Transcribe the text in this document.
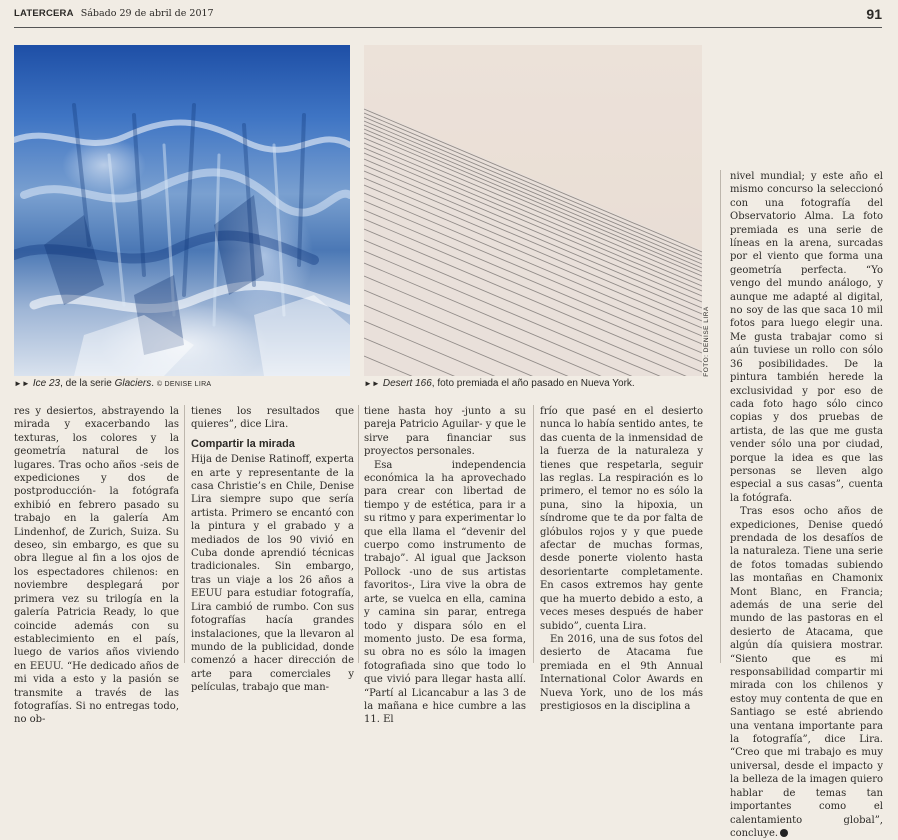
LATERCERA Sábado 29 de abril de 2017	91
FOTO: DENISE LIRA
►► Ice 23, de la serie Glaciers. © DENISE LIRA	►► Desert 166, foto premiada el año pasado en Nueva York.

res y desiertos, abstrayendo la mirada y exacerbando las texturas, los colores y la geometría natural de los lugares. Tras ocho años -seis de expediciones y dos de postproducción- la fotógrafa exhibió en febrero pasado su trabajo en la galería Am Lindenhof, de Zurich, Suiza. Su deseo, sin embargo, es que su obra llegue al fin a los ojos de los espectadores chilenos: en noviembre desplegará por primera vez su trilogía en la galería Patricia Ready, lo que coincide además con su establecimiento en el país, luego de varios años viviendo en EEUU. “He dedicado años de mi vida a esto y la pasión se transmite a través de las fotografías. Si no entregas todo, no ob-

tienes los resultados que quieres”, dice Lira.

Compartir la mirada

Hija de Denise Ratinoff, experta en arte y representante de la casa Christie’s en Chile, Denise Lira siempre supo que sería artista. Primero se encantó con la pintura y el grabado y a mediados de los 90 vivió en Cuba donde aprendió técnicas tradicionales. Sin embargo, tras un viaje a los 26 años a EEUU para estudiar fotografía, Lira cambió de rumbo. Con sus fotografías hacía grandes instalaciones, que la llevaron al mundo de la publicidad, donde comenzó a hacer dirección de arte para comerciales y películas, trabajo que man-

tiene hasta hoy -junto a su pareja Patricio Aguilar- y que le sirve para financiar sus proyectos personales.

Esa independencia económica la ha aprovechado para crear con libertad de tiempo y de estética, para ir a su ritmo y para experimentar lo que ella llama el “devenir del cuerpo como instrumento de trabajo”. Al igual que Jackson Pollock -uno de sus artistas favoritos-, Lira vive la obra de arte, se vuelca en ella, camina y camina sin parar, entrega todo y dispara sólo en el momento justo. De esa forma, su obra no es sólo la imagen fotografiada sino que todo lo que vivió para llegar hasta allí. “Partí al Licancabur a las 3 de la mañana e hice cumbre a las 11. El

frío que pasé en el desierto nunca lo había sentido antes, te das cuenta de la inmensidad de la fuerza de la naturaleza y tienes que respetarla, seguir las reglas. La respiración es lo primero, el temor no es sólo la puna, sino la hipoxia, un síndrome que te da por falta de glóbulos rojos y y que puede afectar de muchas formas, desde ponerte violento hasta desorientarte completamente. En casos extremos hay gente que ha muerto debido a esto, a veces meses después de haber subido”, cuenta Lira.

En 2016, una de sus fotos del desierto de Atacama fue premiada en el 9th Annual International Color Awards en Nueva York, uno de los más prestigiosos en la disciplina a

nivel mundial; y este año el mismo concurso la seleccionó con una fotografía del Observatorio Alma. La foto premiada es una serie de líneas en la arena, surcadas por el viento que forma una geometría perfecta. “Yo vengo del mundo análogo, y aunque me adapté al digital, no soy de las que saca 10 mil fotos para luego elegir una. Me gusta trabajar como si aún tuviese un rollo con sólo 36 posibilidades. De la pintura también herede la exclusividad y por eso de cada foto hago sólo cinco copias y dos pruebas de artista, de las que me gusta vender sólo una por ciudad, porque la idea es que las personas se lleven algo especial a sus casas”, cuenta la fotógrafa.

Tras esos ocho años de expediciones, Denise quedó prendada de los desafíos de la naturaleza. Tiene una serie de fotos tomadas subiendo las montañas en Chamonix Mont Blanc, en Francia; además de una serie del mundo de las pastoras en el desierto de Atacama, que algún día quisiera mostrar. “Siento que es mi responsabilidad compartir mi mirada con los chilenos y estoy muy contenta de que en Santiago se esté abriendo una ventana importante para la fotografía”, dice Lira. “Creo que mi trabajo es muy universal, desde el impacto y la belleza de la imagen quiero hablar de temas tan importantes como el calentamiento global”, concluye.
